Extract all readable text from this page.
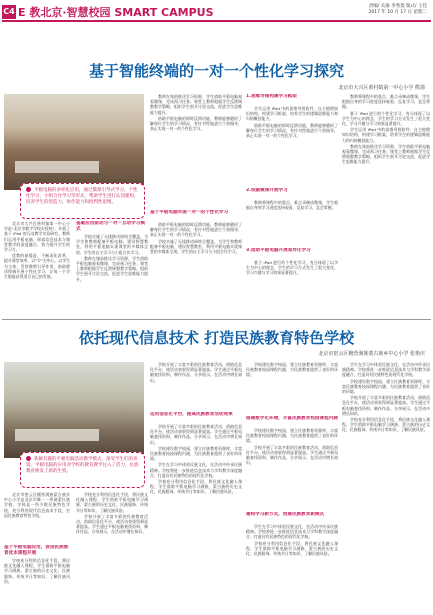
C4 E 教北京·智慧校园 SMART CAMPUS	责编/ 关瑜 李秀菱 版式/ 王佳
2017 年 10 月 17 日 星期二
基于智能终端的一对一个性化学习探究
北京市大兴区黄村镇第一中心小学 熊倩
平板电脑的多样化应用，通过微课引导式学习、个性化学习、小组合作学习等形式，帮助学生进行认知建构，培养学生的创造力、协作能力和批判性思维。

北京市大兴区黄村镇第一中心小学是"北京市数字学校实验校"，开展了基于 iPad 的互动教学实验研究。教师们运用平板电脑，探索信息技术与课堂教学的深度融合，努力提升学生的学习力。

优教的前提是，不断深化改革，提升课堂效率，以"学"为中心，以学生为主体，发挥教师引导作用，借助移动终端开展个性化学习，让每一个学生都能获得适合自己的发展。

基础应用驱动与一对一互动学习模式

学校实施了无线移动网络全覆盖，为学生和教师配备平板电脑，建设智慧教室，利用平板电脑实现课堂的多媒体呈现、学生的自主学习与小组合作学习。

教师在课前推送学习资源，学生借助平板电脑观看微课、完成预习任务；课堂上教师根据学生反馈调整教学策略，组织学生展开讨论交流，促进学生思维能力提升。

教师在课前推送学习资源，学生借助平板电脑观看微课、完成预习任务；课堂上教师根据学生反馈调整教学策略，组织学生展开讨论交流，促进学生思维能力提升。

借助平板电脑的即时反馈功能，教师能够随时了解每位学生的学习情况，有针对性地进行个别指导，真正实现一对一的个性化学习。

基于平板电脑实现一对一的个性化学习

借助平板电脑的即时反馈功能，教师能够随时了解每位学生的学习情况，有针对性地进行个别指导，真正实现一对一的个性化学习。

学校实施了无线移动网络全覆盖，为学生和教师配备平板电脑，建设智慧教室，利用平板电脑实现课堂的多媒体呈现、学生的自主学习与小组合作学习。

1.思维导图构建学习框架

学生运用 iPad 中的思维导图软件，自主梳理知识结构，构建学习框架，培养学生的逻辑思维能力和归纳概括能力。

借助平板电脑的即时反馈功能，教师能够随时了解每位学生的学习情况，有针对性地进行个别指导，真正实现一对一的个性化学习。

2.依据微课开展学习

教师将课程中的重点、难点录制成微课，学生根据自身的学习进度选择观看，反复学习，直至掌握。

3.借助平板电脑开展差异化学习

基于 iPad 进行的个性化学习，充分体现了以学生为中心的理念，学生的学习方式发生了很大变化，学习兴趣与学习效果显著提升。

教师将课程中的重点、难点录制成微课，学生根据自身的学习进度选择观看，反复学习，直至掌握。

基于 iPad 进行的个性化学习，充分体现了以学生为中心的理念，学生的学习方式发生了很大变化，学习兴趣与学习效果显著提升。

学生运用 iPad 中的思维导图软件，自主梳理知识结构，构建学习框架，培养学生的逻辑思维能力和归纳概括能力。

教师在课前推送学习资源，学生借助平板电脑观看微课、完成预习任务；课堂上教师根据学生反馈调整教学策略，组织学生展开讨论交流，促进学生思维能力提升。

依托现代信息技术 打造民族教育特色学校
北京市密云区檀营满族蒙古族乡中心小学 张艳庆
新颖有趣的平板电脑活动教学模式，深受学生们的喜爱。平板电脑的应用对学校的教育教学注入了活力，民族教育焕发了新的生机。

北京市密云区檀营满族蒙古族乡中心小学是北京市唯一一所满蒙民族学校，学校是一所少数民族特色学校，充分利用现代信息技术手段，打造民族教育特色学校。

基于平板电脑应用，促进民族教育优本课程开展

学校充分利用信息化手段，将民族文化融入课程，学生借助平板电脑学习满族、蒙古族的历史文化、民族服饰、传统节日等知识，了解民族风俗。

学校充分利用信息化手段，将民族文化融入课程，学生借助平板电脑学习满族、蒙古族的历史文化、民族服饰、传统节日等知识，了解民族风俗。

学校开展了丰富多彩的民族教育活动，借助信息化平台，使活动效果得到显著提高。学生通过平板电脑查找资料、制作作品、分享展示，在活动中增长知识。

学校开展了丰富多彩的民族教育活动，借助信息化平台，使活动效果得到显著提高。学生通过平板电脑查找资料、制作作品、分享展示，在活动中增长知识。

运用信息化平台，提高民族教育活动效果

学校开展了丰富多彩的民族教育活动，借助信息化平台，使活动效果得到显著提高。学生通过平板电脑查找资料、制作作品、分享展示，在活动中增长知识。

学校建设数字校园，建立民族教育资源库，丰富民族教育校园课程内涵，为民族教育提供了良好的环境。

学生在学习中体验民族文化，在活动中传承民族精神。学校将进一步推进信息技术与学科教学深度融合，打造具有民族特色的现代化学校。

学校充分利用信息化手段，将民族文化融入课程，学生借助平板电脑学习满族、蒙古族的历史文化、民族服饰、传统节日等知识，了解民族风俗。

学校建设数字校园，建立民族教育资源库，丰富民族教育校园课程内涵，为民族教育提供了良好的环境。

搭建数字化环境，丰富民族教育校园课程内涵

学校建设数字校园，建立民族教育资源库，丰富民族教育校园课程内涵，为民族教育提供了良好的环境。

学校开展了丰富多彩的民族教育活动，借助信息化平台，使活动效果得到显著提高。学生通过平板电脑查找资料、制作作品、分享展示，在活动中增长知识。

建构学习新方式，创建民族教育新模式

学生在学习中体验民族文化，在活动中传承民族精神。学校将进一步推进信息技术与学科教学深度融合，打造具有民族特色的现代化学校。

学校充分利用信息化手段，将民族文化融入课程，学生借助平板电脑学习满族、蒙古族的历史文化、民族服饰、传统节日等知识，了解民族风俗。

学生在学习中体验民族文化，在活动中传承民族精神。学校将进一步推进信息技术与学科教学深度融合，打造具有民族特色的现代化学校。

学校建设数字校园，建立民族教育资源库，丰富民族教育校园课程内涵，为民族教育提供了良好的环境。

学校开展了丰富多彩的民族教育活动，借助信息化平台，使活动效果得到显著提高。学生通过平板电脑查找资料、制作作品、分享展示，在活动中增长知识。

学校充分利用信息化手段，将民族文化融入课程，学生借助平板电脑学习满族、蒙古族的历史文化、民族服饰、传统节日等知识，了解民族风俗。
